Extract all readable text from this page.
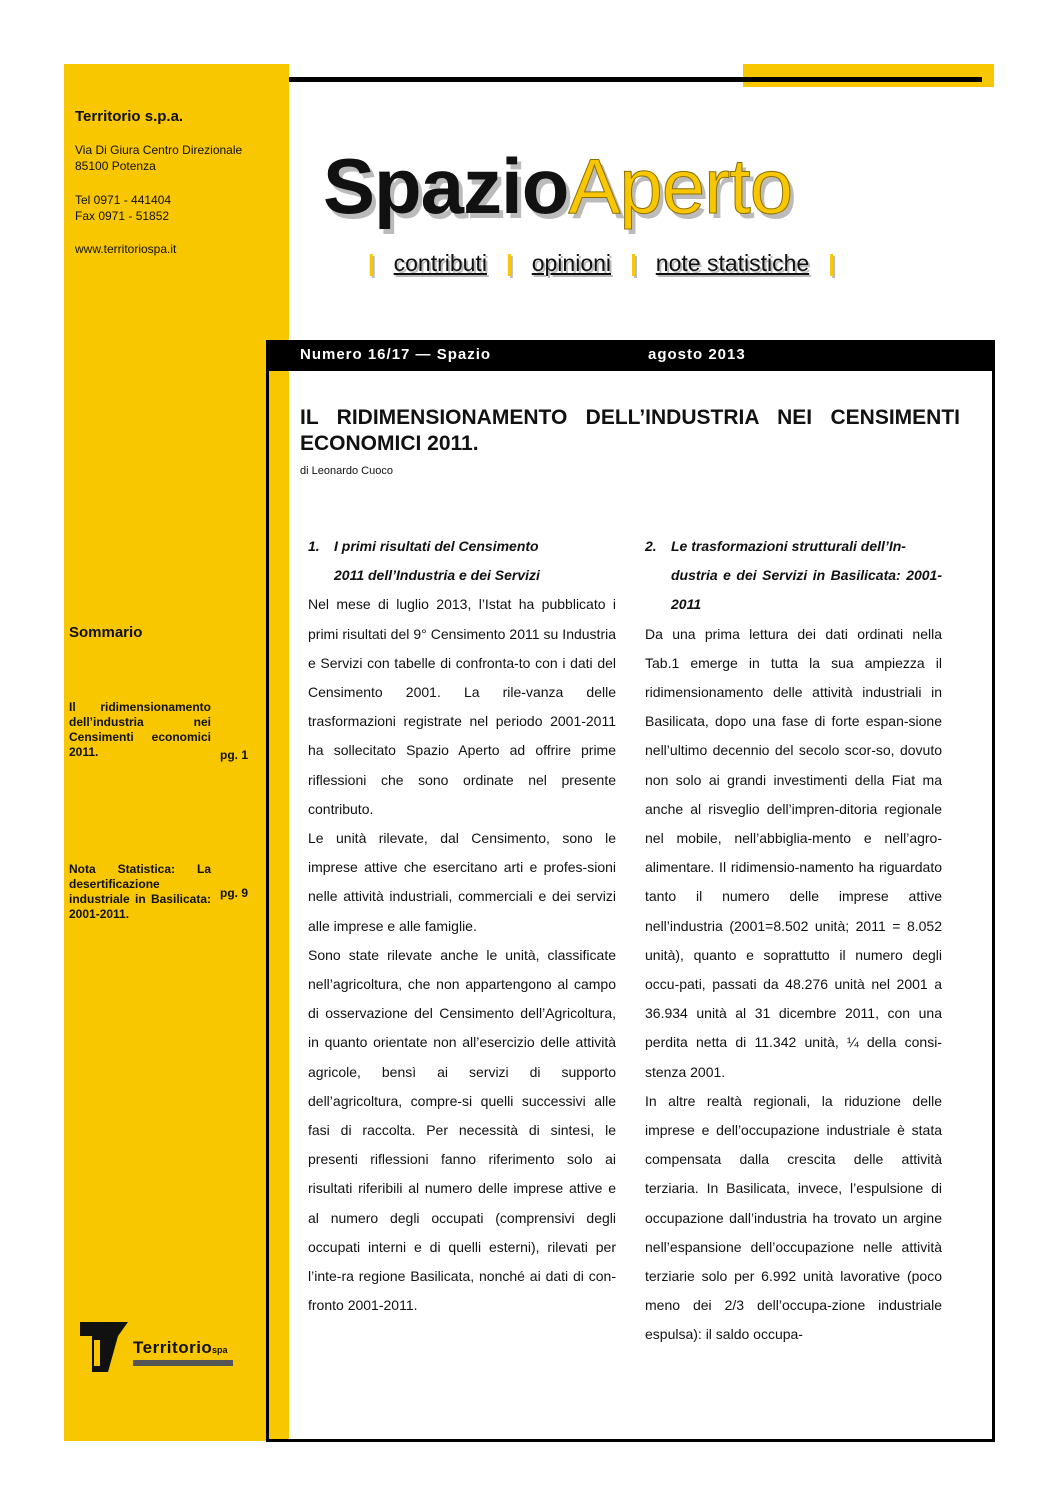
Territorio s.p.a.
Via Di Giura Centro Direzionale
85100 Potenza
Tel 0971 - 441404
Fax 0971 - 51852
www.territoriospa.it
Sommario
Il ridimensionamento dell’industria nei Censimenti economici 2011.	pg. 1
Nota Statistica: La desertificazione industriale in Basilicata: 2001-2011.
pg. 9
Territorio spa
SpazioAperto
| contributi | opinioni | note statistiche |
Numero 16/17 — Spazio	agosto 2013
IL RIDIMENSIONAMENTO DELL’INDUSTRIA NEI CENSIMENTI ECONOMICI 2011.
di Leonardo Cuoco
1. I primi risultati del Censimento
2011 dell’Industria e dei Servizi

Nel mese di luglio 2013, l’Istat ha pubblicato i primi risultati del 9° Censimento 2011 su Industria e Servizi con tabelle di confronta-to con i dati del Censimento 2001. La rile-vanza delle trasformazioni registrate nel periodo 2001-2011 ha sollecitato Spazio Aperto ad offrire prime riflessioni che sono ordinate nel presente contributo.

Le unità rilevate, dal Censimento, sono le imprese attive che esercitano arti e profes-sioni nelle attività industriali, commerciali e dei servizi alle imprese e alle famiglie.

Sono state rilevate anche le unità, classificate nell’agricoltura, che non appartengono al campo di osservazione del Censimento dell’Agricoltura, in quanto orientate non all’esercizio delle attività agricole, bensì ai servizi di supporto dell’agricoltura, compre-si quelli successivi alle fasi di raccolta. Per necessità di sintesi, le presenti riflessioni fanno riferimento solo ai risultati riferibili al numero delle imprese attive e al numero degli occupati (comprensivi degli occupati interni e di quelli esterni), rilevati per l’inte-ra regione Basilicata, nonché ai dati di con-fronto 2001-2011.

2. Le trasformazioni strutturali dell’In-
dustria e dei Servizi in Basilicata: 2001-2011

Da una prima lettura dei dati ordinati nella Tab.1 emerge in tutta la sua ampiezza il ridimensionamento delle attività industriali in Basilicata, dopo una fase di forte espan-sione nell’ultimo decennio del secolo scor-so, dovuto non solo ai grandi investimenti della Fiat ma anche al risveglio dell’impren-ditoria regionale nel mobile, nell’abbiglia-mento e nell’agro-alimentare. Il ridimensio-namento ha riguardato tanto il numero delle imprese attive nell’industria (2001=8.502 unità; 2011 = 8.052 unità), quanto e soprattutto il numero degli occu-pati, passati da 48.276 unità nel 2001 a 36.934 unità al 31 dicembre 2011, con una perdita netta di 11.342 unità, ¼ della consi-stenza 2001.

In altre realtà regionali, la riduzione delle imprese e dell’occupazione industriale è stata compensata dalla crescita delle attività terziaria. In Basilicata, invece, l’espulsione di occupazione dall’industria ha trovato un argine nell’espansione dell’occupazione nelle attività terziarie solo per 6.992 unità lavorative (poco meno dei 2/3 dell’occupa-zione industriale espulsa): il saldo occupa-
